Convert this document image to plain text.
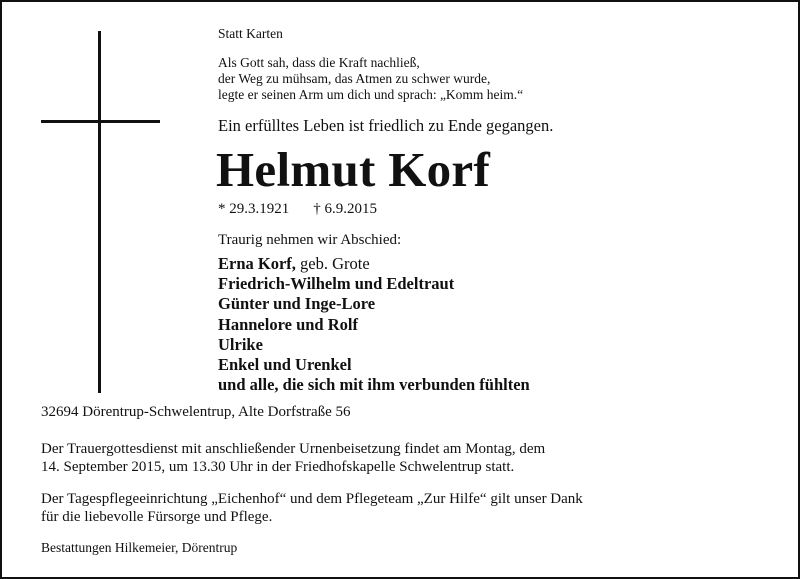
Statt Karten
Als Gott sah, dass die Kraft nachließ,
der Weg zu mühsam, das Atmen zu schwer wurde,
legte er seinen Arm um dich und sprach: „Komm heim.“
Ein erfülltes Leben ist friedlich zu Ende gegangen.
Helmut Korf
* 29.3.1921 † 6.9.2015
Traurig nehmen wir Abschied:
Erna Korf, geb. Grote
Friedrich-Wilhelm und Edeltraut
Günter und Inge-Lore
Hannelore und Rolf
Ulrike
Enkel und Urenkel
und alle, die sich mit ihm verbunden fühlten
32694 Dörentrup-Schwelentrup, Alte Dorfstraße 56
Der Trauergottesdienst mit anschließender Urnenbeisetzung findet am Montag, dem
14. September 2015, um 13.30 Uhr in der Friedhofskapelle Schwelentrup statt.
Der Tagespflegeeinrichtung „Eichenhof“ und dem Pflegeteam „Zur Hilfe“ gilt unser Dank
für die liebevolle Fürsorge und Pflege.
Bestattungen Hilkemeier, Dörentrup
